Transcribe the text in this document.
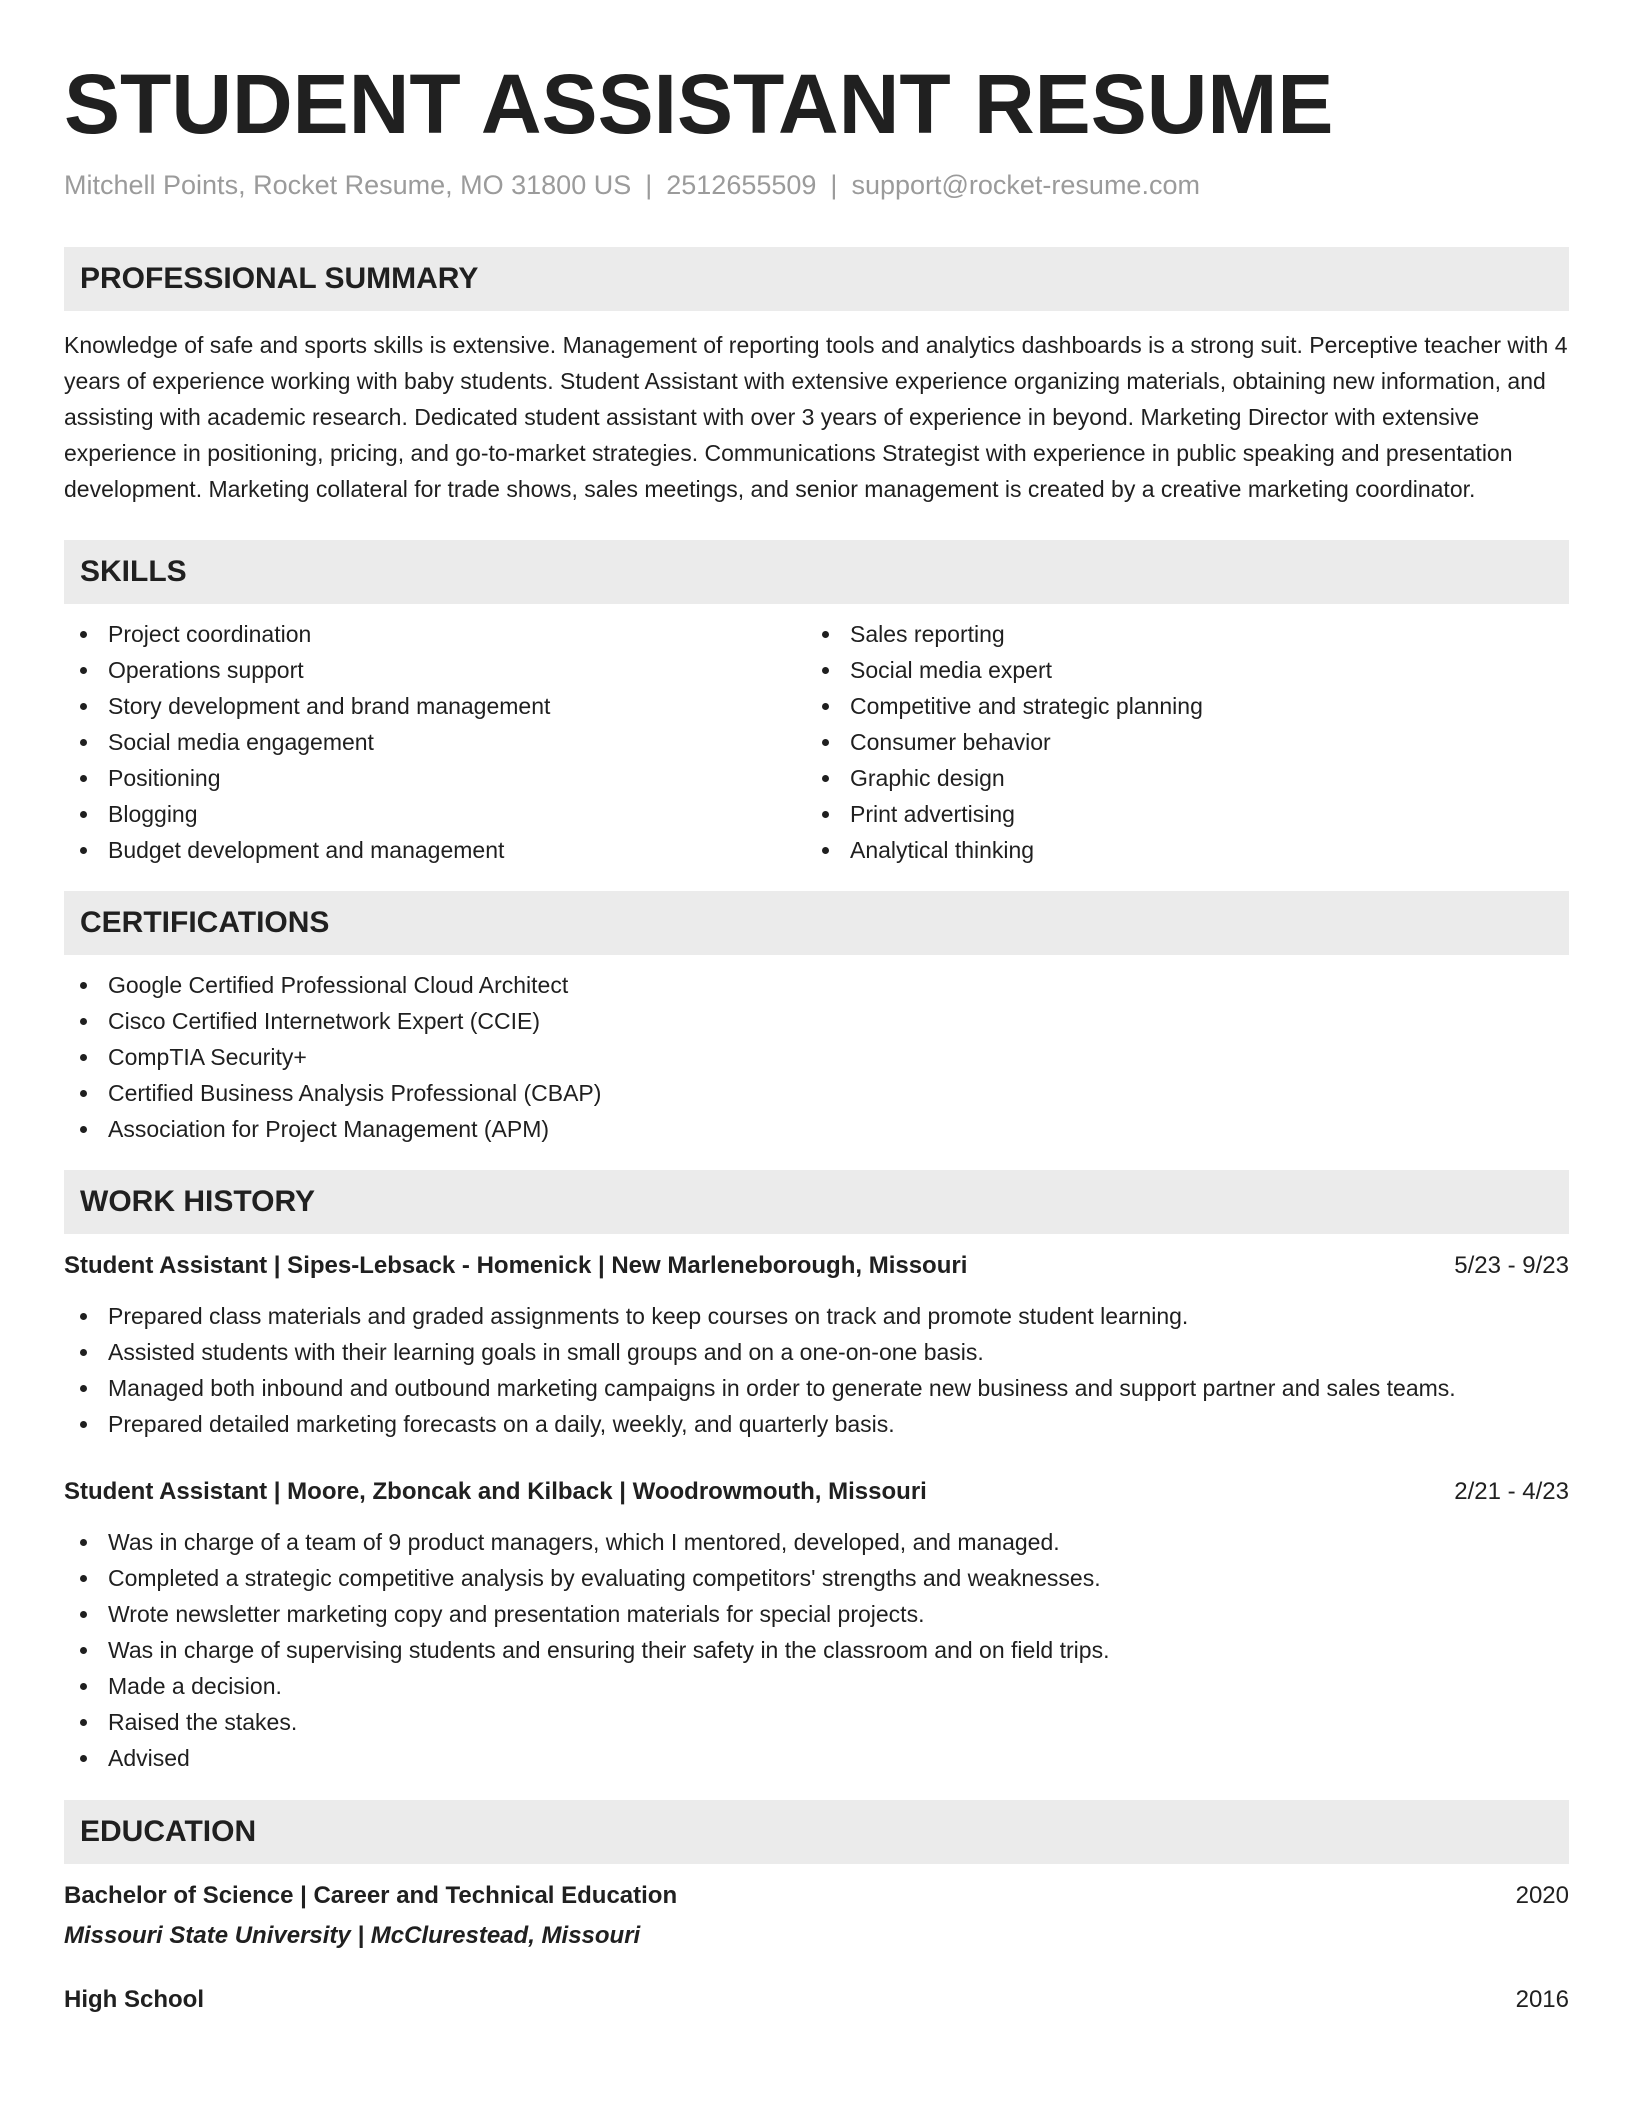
STUDENT ASSISTANT RESUME
Mitchell Points, Rocket Resume, MO 31800 US | 2512655509 | support@rocket-resume.com
PROFESSIONAL SUMMARY

Knowledge of safe and sports skills is extensive. Management of reporting tools and analytics dashboards is a strong suit. Perceptive teacher with 4 years of experience working with baby students. Student Assistant with extensive experience organizing materials, obtaining new information, and assisting with academic research. Dedicated student assistant with over 3 years of experience in beyond. Marketing Director with extensive experience in positioning, pricing, and go-to-market strategies. Communications Strategist with experience in public speaking and presentation development. Marketing collateral for trade shows, sales meetings, and senior management is created by a creative marketing coordinator.

SKILLS
Project coordination
Operations support
Story development and brand management
Social media engagement
Positioning
Blogging
Budget development and management
Sales reporting
Social media expert
Competitive and strategic planning
Consumer behavior
Graphic design
Print advertising
Analytical thinking
CERTIFICATIONS
Google Certified Professional Cloud Architect
Cisco Certified Internetwork Expert (CCIE)
CompTIA Security+
Certified Business Analysis Professional (CBAP)
Association for Project Management (APM)
WORK HISTORY
Student Assistant | Sipes-Lebsack - Homenick | New Marleneborough, Missouri	5/23 - 9/23
Prepared class materials and graded assignments to keep courses on track and promote student learning.
Assisted students with their learning goals in small groups and on a one-on-one basis.
Managed both inbound and outbound marketing campaigns in order to generate new business and support partner and sales teams.
Prepared detailed marketing forecasts on a daily, weekly, and quarterly basis.
Student Assistant | Moore, Zboncak and Kilback | Woodrowmouth, Missouri	2/21 - 4/23
Was in charge of a team of 9 product managers, which I mentored, developed, and managed.
Completed a strategic competitive analysis by evaluating competitors' strengths and weaknesses.
Wrote newsletter marketing copy and presentation materials for special projects.
Was in charge of supervising students and ensuring their safety in the classroom and on field trips.
Made a decision.
Raised the stakes.
Advised
EDUCATION
Bachelor of Science | Career and Technical Education	2020
Missouri State University | McClurestead, Missouri
High School	2016
